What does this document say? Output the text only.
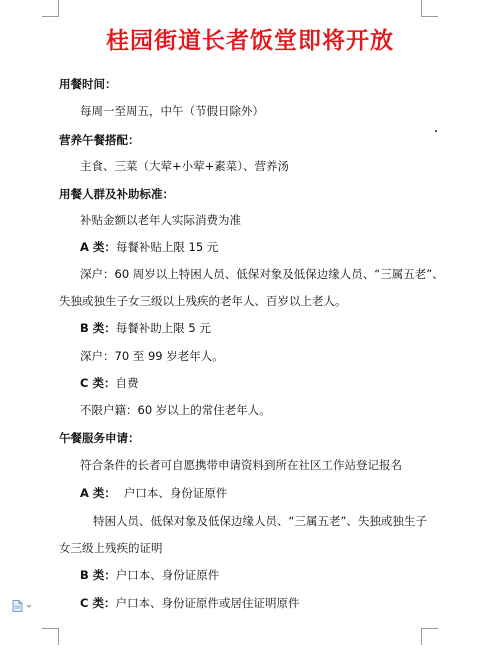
桂园街道长者饭堂即将开放
用餐时间：
每周一至周五，中午（节假日除外）
营养午餐搭配：
主食、三菜（大荤+小荤+素菜）、营养汤
用餐人群及补助标准：
补贴金额以老年人实际消费为准
A 类：每餐补贴上限 15 元
深户：60 周岁以上特困人员、低保对象及低保边缘人员、“三属五老”、
失独或独生子女三级以上残疾的老年人、百岁以上老人。
B 类：每餐补助上限 5 元
深户：70 至 99 岁老年人。
C 类：自费
不限户籍：60 岁以上的常住老年人。
午餐服务申请：
符合条件的长者可自愿携带申请资料到所在社区工作站登记报名
A 类： 户口本、身份证原件
特困人员、低保对象及低保边缘人员、“三属五老”、失独或独生子
女三级上残疾的证明
B 类：户口本、身份证原件
C 类：户口本、身份证原件或居住证明原件
